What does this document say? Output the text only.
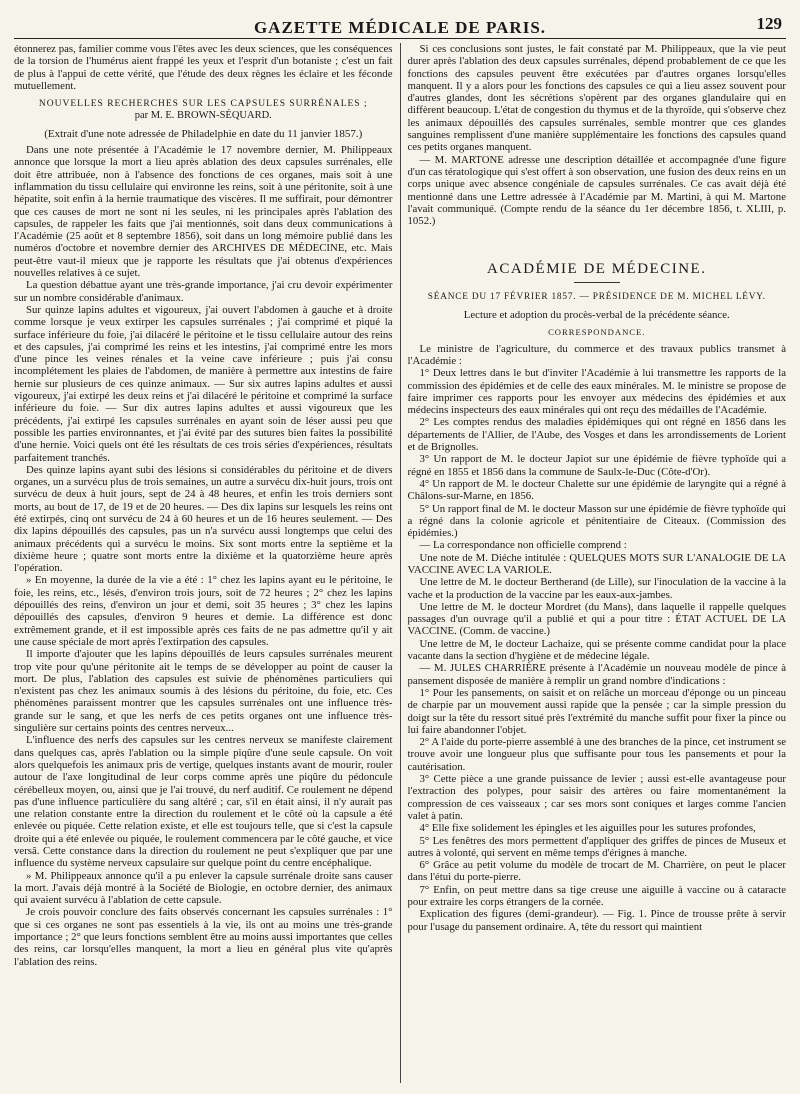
GAZETTE MÉDICALE DE PARIS.	129

étonnerez pas, familier comme vous l'êtes avec les deux sciences, que les conséquences de la torsion de l'humérus aient frappé les yeux et l'esprit d'un botaniste ; c'est un fait de plus à l'appui de cette vérité, que l'étude des deux règnes les éclaire et les féconde mutuellement.

NOUVELLES RECHERCHES SUR LES CAPSULES SURRÉNALES ;
par M. E. BROWN-SÉQUARD.
(Extrait d'une note adressée de Philadelphie en date du 11 janvier 1857.)

Dans une note présentée à l'Académie le 17 novembre dernier, M. Philippeaux annonce que lorsque la mort a lieu après ablation des deux capsules surrénales, elle doit être attribuée, non à l'absence des fonctions de ces organes, mais soit à une inflammation du tissu cellulaire qui environne les reins, soit à une péritonite, soit à une hépatite, soit enfin à la hernie traumatique des viscères. Il me suffirait, pour démontrer que ces causes de mort ne sont ni les seules, ni les principales après l'ablation des capsules, de rappeler les faits que j'ai mentionnés, soit dans deux communications à l'Académie (25 août et 8 septembre 1856), soit dans un long mémoire publié dans les numéros d'octobre et novembre dernier des ARCHIVES DE MÉDECINE, etc. Mais peut-être vaut-il mieux que je rapporte les résultats que j'ai obtenus d'expériences nouvelles relatives à ce sujet.

La question débattue ayant une très-grande importance, j'ai cru devoir expérimenter sur un nombre considérable d'animaux.

Sur quinze lapins adultes et vigoureux, j'ai ouvert l'abdomen à gauche et à droite comme lorsque je veux extirper les capsules surrénales ; j'ai comprimé et piqué la surface inférieure du foie, j'ai dilacéré le péritoine et le tissu cellulaire autour des reins et des capsules, j'ai comprimé les reins et les intestins, j'ai comprimé entre les mors d'une pince les veines rénales et la veine cave inférieure ; puis j'ai consu incomplétement les plaies de l'abdomen, de manière à permettre aux intestins de faire hernie sur plusieurs de ces quinze animaux. — Sur six autres lapins adultes et aussi vigoureux, j'ai extirpé les deux reins et j'ai dilacéré le péritoine et comprimé la surface inférieure du foie. — Sur dix autres lapins adultes et aussi vigoureux que les précédents, j'ai extirpé les capsules surrénales en ayant soin de léser aussi peu que possible les parties environnantes, et j'ai évité par des sutures bien faites la possibilité d'une hernie. Voici quels ont été les résultats de ces trois séries d'expériences, résultats parfaitement tranchés.

Des quinze lapins ayant subi des lésions si considérables du péritoine et de divers organes, un a survécu plus de trois semaines, un autre a survécu dix-huit jours, trois ont survécu de deux à huit jours, sept de 24 à 48 heures, et enfin les trois derniers sont morts, au bout de 17, de 19 et de 20 heures. — Des dix lapins sur lesquels les reins ont été extirpés, cinq ont survécu de 24 à 60 heures et un de 16 heures seulement. — Des dix lapins dépouillés des capsules, pas un n'a survécu aussi longtemps que celui des animaux précédents qui a survécu le moins. Six sont morts entre la septième et la dixième heure ; quatre sont morts entre la dixième et la quatorzième heure après l'opération.

» En moyenne, la durée de la vie a été : 1° chez les lapins ayant eu le péritoine, le foie, les reins, etc., lésés, d'environ trois jours, soit de 72 heures ; 2° chez les lapins dépouillés des reins, d'environ un jour et demi, soit 35 heures ; 3° chez les lapins dépouillés des capsules, d'environ 9 heures et demie. La différence est donc extrêmement grande, et il est impossible après ces faits de ne pas admettre qu'il y ait une cause spéciale de mort après l'extirpation des capsules.

Il importe d'ajouter que les lapins dépouillés de leurs capsules surrénales meurent trop vite pour qu'une péritonite ait le temps de se développer au point de causer la mort. De plus, l'ablation des capsules est suivie de phénomènes particuliers qui n'existent pas chez les animaux soumis à des lésions du péritoine, du foie, etc. Ces phénomènes paraissent montrer que les capsules surrénales ont une influence très-grande sur le sang, et que les nerfs de ces petits organes ont une influence très-singulière sur certains points des centres nerveux...

L'influence des nerfs des capsules sur les centres nerveux se manifeste clairement dans quelques cas, après l'ablation ou la simple piqûre d'une seule capsule. On voit alors quelquefois les animaux pris de vertige, quelques instants avant de mourir, rouler autour de l'axe longitudinal de leur corps comme après une piqûre du pédoncule cérébelleux moyen, ou, ainsi que je l'ai trouvé, du nerf auditif. Ce roulement ne dépend pas d'une influence particulière du sang altéré ; car, s'il en était ainsi, il n'y aurait pas une relation constante entre la direction du roulement et le côté où la capsule a été enlevée ou piquée. Cette relation existe, et elle est toujours telle, que si c'est la capsule droite qui a été enlevée ou piquée, le roulement commencera par le côté gauche, et vice versâ. Cette constance dans la direction du roulement ne peut s'expliquer que par une influence du système nerveux capsulaire sur quelque point du centre encéphalique.

» M. Philippeaux annonce qu'il a pu enlever la capsule surrénale droite sans causer la mort. J'avais déjà montré à la Société de Biologie, en octobre dernier, des animaux qui avaient survécu à l'ablation de cette capsule.

Je crois pouvoir conclure des faits observés concernant les capsules surrénales : 1° que si ces organes ne sont pas essentiels à la vie, ils ont au moins une très-grande importance ; 2° que leurs fonctions semblent être au moins aussi importantes que celles des reins, car lorsqu'elles manquent, la mort a lieu en général plus vite qu'après l'ablation des reins.

Si ces conclusions sont justes, le fait constaté par M. Philippeaux, que la vie peut durer après l'ablation des deux capsules surrénales, dépend probablement de ce que les fonctions des capsules peuvent être exécutées par d'autres organes lorsqu'elles manquent. Il y a alors pour les fonctions des capsules ce qui a lieu assez souvent pour d'autres glandes, dont les sécrétions s'opèrent par des organes glandulaire qui en diffèrent beaucoup. L'état de congestion du thymus et de la thyroïde, qui s'observe chez les animaux dépouillés des capsules surrénales, semble montrer que ces glandes sanguines remplissent d'une manière supplémentaire les fonctions des capsules quand ces petits organes manquent.

— M. MARTONE adresse une description détaillée et accompagnée d'une figure d'un cas tératologique qui s'est offert à son observation, une fusion des deux reins en un corps unique avec absence congéniale de capsules surrénales. Ce cas avait déjà été mentionné dans une Lettre adressée à l'Académie par M. Martini, à qui M. Martone l'avait communiqué. (Compte rendu de la séance du 1er décembre 1856, t. XLIII, p. 1052.)

ACADÉMIE DE MÉDECINE.
SÉANCE DU 17 FÉVRIER 1857. — PRÉSIDENCE DE M. MICHEL LÉVY.

Lecture et adoption du procès-verbal de la précédente séance.

CORRESPONDANCE.

Le ministre de l'agriculture, du commerce et des travaux publics transmet à l'Académie :

1° Deux lettres dans le but d'inviter l'Académie à lui transmettre les rapports de la commission des épidémies et de celle des eaux minérales. M. le ministre se propose de faire imprimer ces rapports pour les envoyer aux médecins des épidémies et aux médecins inspecteurs des eaux minérales qui ont reçu des médailles de l'Académie.

2° Les comptes rendus des maladies épidémiques qui ont régné en 1856 dans les départements de l'Allier, de l'Aube, des Vosges et dans les arrondissements de Lorient et de Brignolles.

3° Un rapport de M. le docteur Japiot sur une épidémie de fièvre typhoïde qui a régné en 1855 et 1856 dans la commune de Saulx-le-Duc (Côte-d'Or).

4° Un rapport de M. le docteur Chalette sur une épidémie de laryngite qui a régné à Châlons-sur-Marne, en 1856.

5° Un rapport final de M. le docteur Masson sur une épidémie de fièvre typhoïde qui a régné dans la colonie agricole et pénitentiaire de Citeaux. (Commission des épidémies.)

— La correspondance non officielle comprend :

Une note de M. Diéche intitulée : QUELQUES MOTS SUR L'ANALOGIE DE LA VACCINE AVEC LA VARIOLE.

Une lettre de M. le docteur Bertherand (de Lille), sur l'inoculation de la vaccine à la vache et la production de la vaccine par les eaux-aux-jambes.

Une lettre de M. le docteur Mordret (du Mans), dans laquelle il rappelle quelques passages d'un ouvrage qu'il a publié et qui a pour titre : ÉTAT ACTUEL DE LA VACCINE. (Comm. de vaccine.)

Une lettre de M, le docteur Lachaize, qui se présente comme candidat pour la place vacante dans la section d'hygiène et de médecine légale.

— M. JULES CHARRIÈRE présente à l'Académie un nouveau modèle de pince à pansement disposée de manière à remplir un grand nombre d'indications :

1° Pour les pansements, on saisit et on relâche un morceau d'éponge ou un pinceau de charpie par un mouvement aussi rapide que la pensée ; car la simple pression du doigt sur la tête du ressort situé près l'extrémité du manche suffit pour fixer la pince ou lui faire abandonner l'objet.

2° A l'aide du porte-pierre assemblé à une des branches de la pince, cet instrument se trouve avoir une longueur plus que suffisante pour tous les pansements et pour la cautérisation.

3° Cette pièce a une grande puissance de levier ; aussi est-elle avantageuse pour l'extraction des polypes, pour saisir des artères ou faire momentanément la compression de ces vaisseaux ; car ses mors sont coniques et larges comme l'ancien valet à patin.

4° Elle fixe solidement les épingles et les aiguilles pour les sutures profondes,

5° Les fenêtres des mors permettent d'appliquer des griffes de pinces de Museux et autres à volonté, qui servent en même temps d'érignes à manche.

6° Grâce au petit volume du modèle de trocart de M. Charrière, on peut le placer dans l'étui du porte-pierre.

7° Enfin, on peut mettre dans sa tige creuse une aiguille à vaccine ou à cataracte pour extraire les corps étrangers de la cornée.

Explication des figures (demi-grandeur). — Fig. 1. Pince de trousse prête à servir pour l'usage du pansement ordinaire. A, tête du ressort qui maintient
